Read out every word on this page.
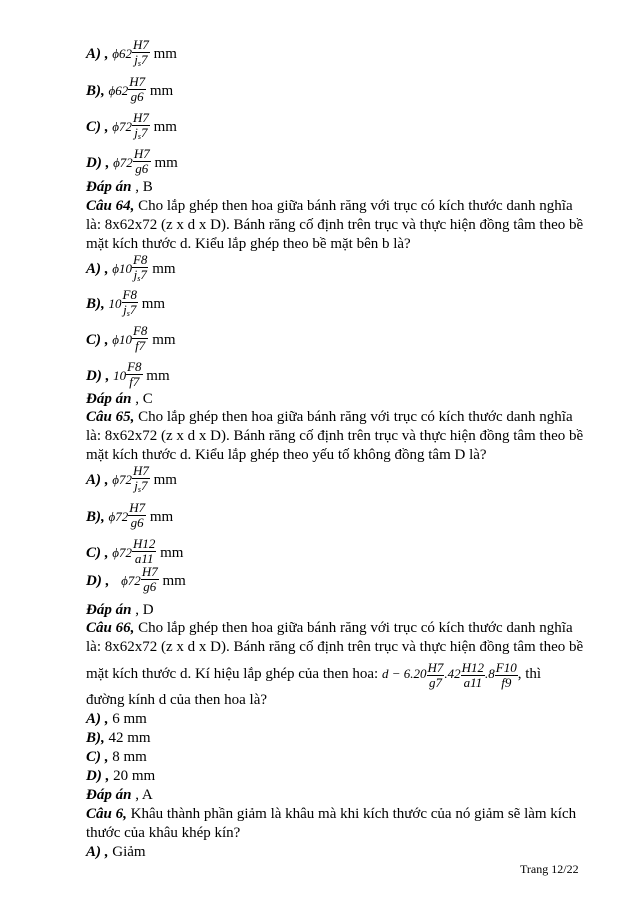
A) , $\phi 62 \frac{H7}{j_s7}$ mm
B), $\phi 62 \frac{H7}{g6}$ mm
C) , $\phi 72 \frac{H7}{j_s7}$ mm
D) , $\phi 72 \frac{H7}{g6}$ mm
Đáp án , B
Câu 64, Cho lắp ghép then hoa giữa bánh răng với trục có kích thước danh nghĩa là: 8x62x72 (z x d x D). Bánh răng cố định trên trục và thực hiện đồng tâm theo bề mặt kích thước d. Kiểu lắp ghép theo bề mặt bên b là?
A) , $\phi 10 \frac{F8}{j_s7}$ mm
B), $10 \frac{F8}{j_s7}$ mm
C) , $\phi 10 \frac{F8}{f7}$ mm
D) , $10 \frac{F8}{f7}$ mm
Đáp án , C
Câu 65, Cho lắp ghép then hoa giữa bánh răng với trục có kích thước danh nghĩa là: 8x62x72 (z x d x D). Bánh răng cố định trên trục và thực hiện đồng tâm theo bề mặt kích thước d. Kiểu lắp ghép theo yếu tố không đồng tâm D là?
A) , $\phi 72 \frac{H7}{j_s7}$ mm
B), $\phi 72 \frac{H7}{g6}$ mm
C) , $\phi 72 \frac{H12}{a11}$ mm
D) , $\phi 72 \frac{H7}{g6}$ mm
Đáp án , D
Câu 66, Cho lắp ghép then hoa giữa bánh răng với trục có kích thước danh nghĩa
là: 8x62x72 (z x d x D). Bánh răng cố định trên trục và thực hiện đồng tâm theo bề
mặt kích thước d. Kí hiệu lắp ghép của then hoa: $d - 6.20 \frac{H7}{g7} .42 \frac{H12}{a11} .8 \frac{F10}{f9}$ , thì
đường kính d của then hoa là?
A) , 6 mm
B), 42 mm
C) , 8 mm
D) , 20 mm
Đáp án , A
Câu 6, Khâu thành phần giảm là khâu mà khi kích thước của nó giảm sẽ làm kích
thước của khâu khép kín?
A) , Giảm
Trang 12/22
